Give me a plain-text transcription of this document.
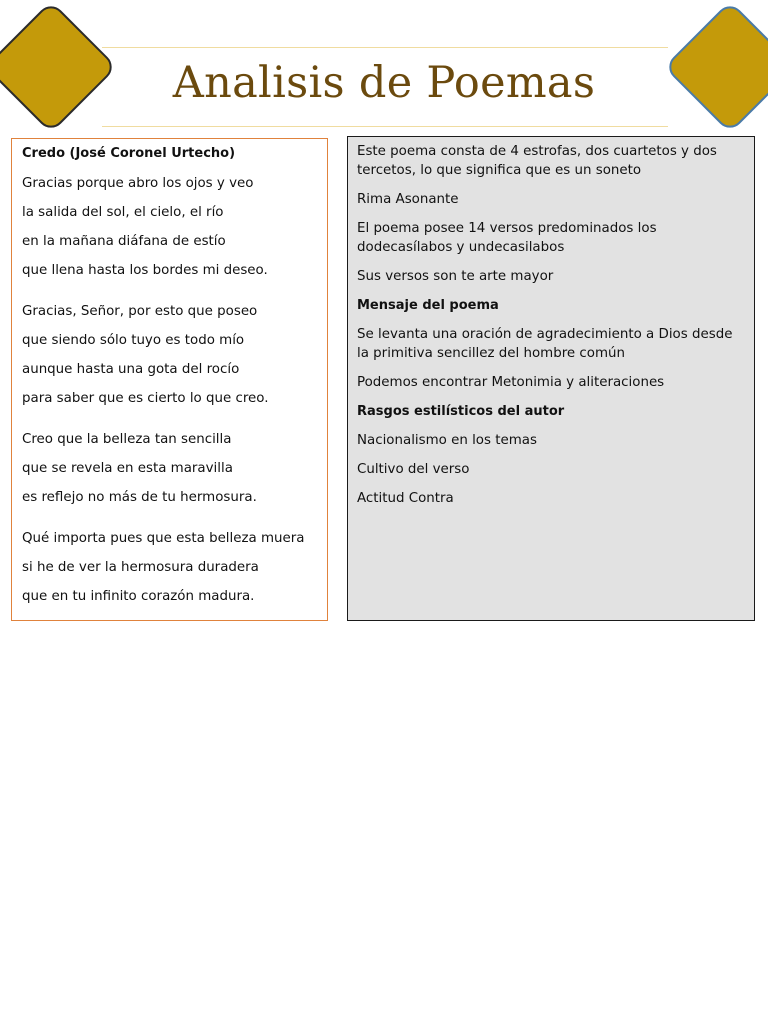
Analisis de Poemas
Credo (José Coronel Urtecho)
Gracias porque abro los ojos y veo
la salida del sol, el cielo, el río
en la mañana diáfana de estío
que llena hasta los bordes mi deseo.
Gracias, Señor, por esto que poseo
que siendo sólo tuyo es todo mío
aunque hasta una gota del rocío
para saber que es cierto lo que creo.
Creo que la belleza tan sencilla
que se revela en esta maravilla
es reflejo no más de tu hermosura.
Qué importa pues que esta belleza muera
si he de ver la hermosura duradera
que en tu infinito corazón madura.
Este poema consta de 4 estrofas, dos cuartetos y dos tercetos, lo que significa que es un soneto
Rima Asonante
El poema posee 14 versos predominados los dodecasílabos y undecasilabos
Sus versos son te arte mayor
Mensaje del poema
Se levanta una oración de agradecimiento a Dios desde la primitiva sencillez del hombre común
Podemos encontrar Metonimia y aliteraciones
Rasgos estilísticos del autor
Nacionalismo en los temas
Cultivo del verso
Actitud Contra
